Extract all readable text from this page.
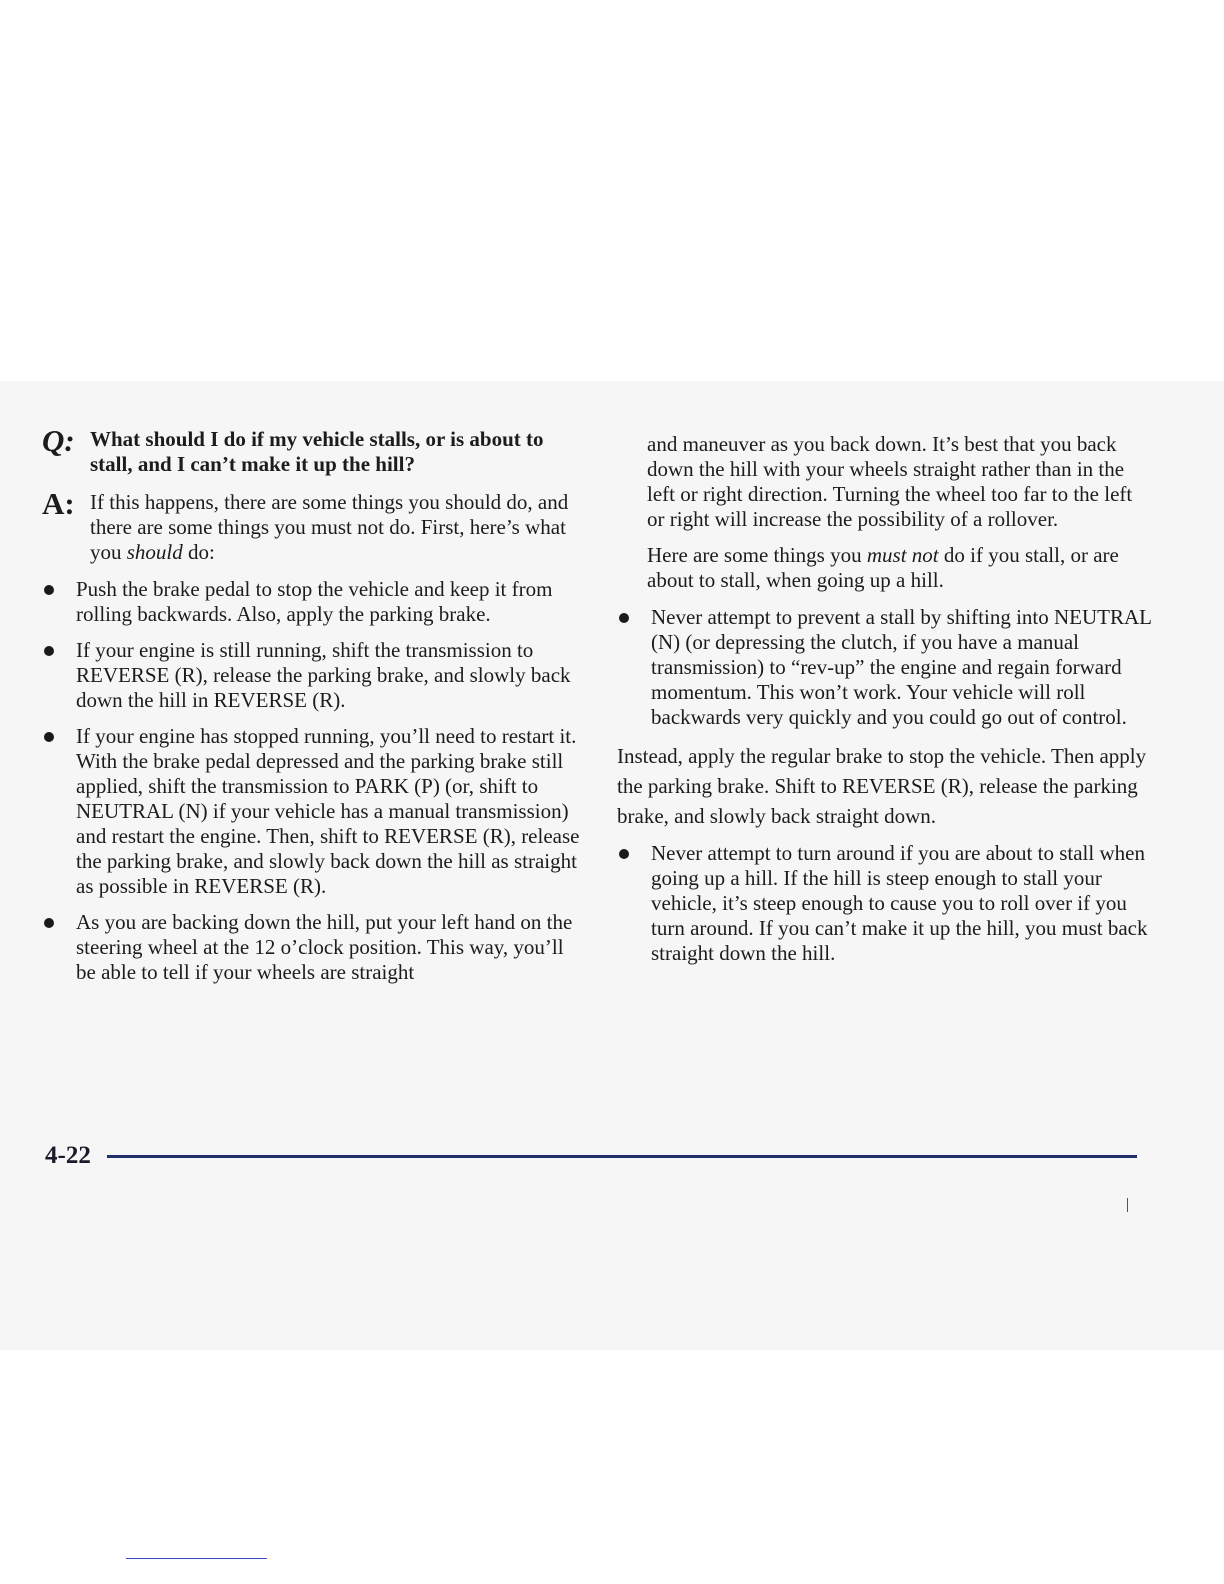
Q: What should I do if my vehicle stalls, or is about to stall, and I can’t make it up the hill?
A: If this happens, there are some things you should do, and there are some things you must not do. First, here’s what you should do:
Push the brake pedal to stop the vehicle and keep it from rolling backwards. Also, apply the parking brake.
If your engine is still running, shift the transmission to REVERSE (R), release the parking brake, and slowly back down the hill in REVERSE (R).
If your engine has stopped running, you’ll need to restart it. With the brake pedal depressed and the parking brake still applied, shift the transmission to PARK (P) (or, shift to NEUTRAL (N) if your vehicle has a manual transmission) and restart the engine. Then, shift to REVERSE (R), release the parking brake, and slowly back down the hill as straight as possible in REVERSE (R).
As you are backing down the hill, put your left hand on the steering wheel at the 12 o’clock position. This way, you’ll be able to tell if your wheels are straight
and maneuver as you back down. It’s best that you back down the hill with your wheels straight rather than in the left or right direction. Turning the wheel too far to the left or right will increase the possibility of a rollover.
Here are some things you must not do if you stall, or are about to stall, when going up a hill.
Never attempt to prevent a stall by shifting into NEUTRAL (N) (or depressing the clutch, if you have a manual transmission) to “rev-up” the engine and regain forward momentum. This won’t work. Your vehicle will roll backwards very quickly and you could go out of control.
Instead, apply the regular brake to stop the vehicle. Then apply the parking brake. Shift to REVERSE (R), release the parking brake, and slowly back straight down.
Never attempt to turn around if you are about to stall when going up a hill. If the hill is steep enough to stall your vehicle, it’s steep enough to cause you to roll over if you turn around. If you can’t make it up the hill, you must back straight down the hill.
4-22
